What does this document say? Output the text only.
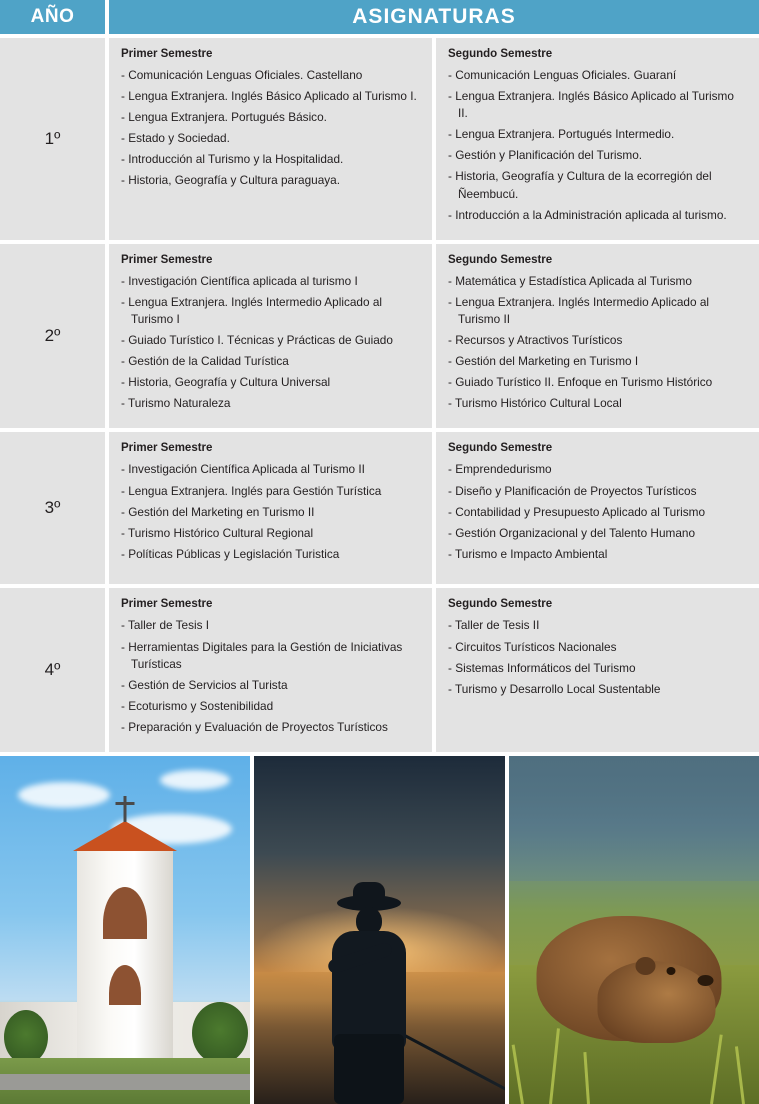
AÑO	ASIGNATURAS
1º
Primer Semestre
- Comunicación Lenguas Oficiales. Castellano
- Lengua Extranjera. Inglés Básico Aplicado al Turismo I.
- Lengua Extranjera. Portugués Básico.
- Estado y Sociedad.
- Introducción al Turismo y la Hospitalidad.
- Historia, Geografía y Cultura paraguaya.
Segundo Semestre
- Comunicación Lenguas Oficiales. Guaraní
- Lengua Extranjera. Inglés Básico Aplicado al Turismo II.
- Lengua Extranjera. Portugués Intermedio.
- Gestión y Planificación del Turismo.
- Historia, Geografía y Cultura de la ecorregión del Ñeembucú.
- Introducción a la Administración aplicada al turismo.
2º
Primer Semestre
- Investigación Científica aplicada al turismo I
- Lengua Extranjera. Inglés Intermedio Aplicado al Turismo I
- Guiado Turístico I. Técnicas y Prácticas de Guiado
- Gestión de la Calidad Turística
- Historia, Geografía y Cultura Universal
- Turismo Naturaleza
Segundo Semestre
- Matemática y Estadística Aplicada al Turismo
- Lengua Extranjera. Inglés Intermedio Aplicado al Turismo II
- Recursos y Atractivos Turísticos
- Gestión del Marketing en Turismo I
- Guiado Turístico II. Enfoque en Turismo Histórico
- Turismo Histórico Cultural Local
3º
Primer Semestre
- Investigación Científica Aplicada al Turismo II
- Lengua Extranjera. Inglés para Gestión Turística
- Gestión del Marketing en Turismo II
- Turismo Histórico Cultural Regional
- Políticas Públicas y Legislación Turistica
Segundo Semestre
- Emprendedurismo
- Diseño y Planificación de Proyectos Turísticos
- Contabilidad y Presupuesto Aplicado al Turismo
- Gestión Organizacional y del Talento Humano
- Turismo e Impacto Ambiental
4º
Primer Semestre
- Taller de Tesis I
- Herramientas Digitales para la Gestión de Iniciativas Turísticas
- Gestión de Servicios al Turista
- Ecoturismo y Sostenibilidad
- Preparación y Evaluación de Proyectos Turísticos
Segundo Semestre
- Taller de Tesis II
- Circuitos Turísticos Nacionales
- Sistemas Informáticos del Turismo
- Turismo y Desarrollo Local Sustentable
